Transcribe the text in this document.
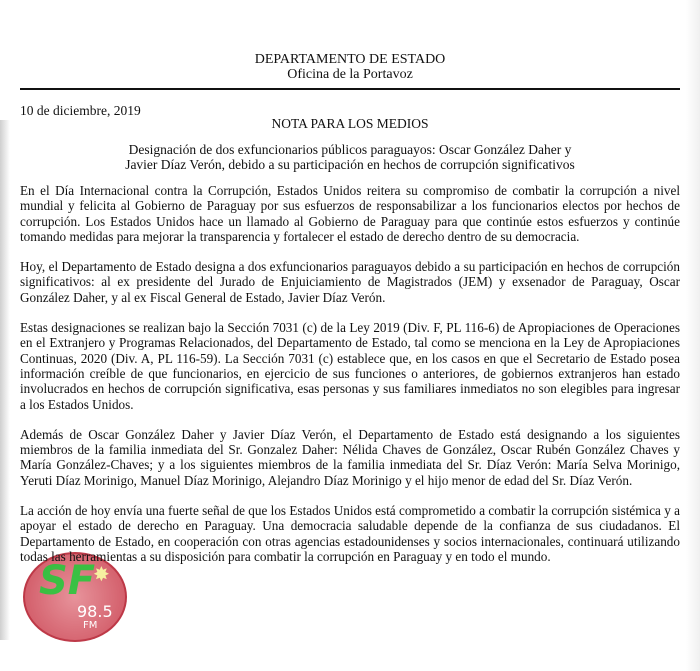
SF
✸
98.5
FM
DEPARTAMENTO DE ESTADO
Oficina de la Portavoz
10 de diciembre, 2019
NOTA PARA LOS MEDIOS
Designación de dos exfuncionarios públicos paraguayos: Oscar González Daher y
Javier Díaz Verón, debido a su participación en hechos de corrupción significativos

En el Día Internacional contra la Corrupción, Estados Unidos reitera su compromiso de combatir la corrupción a nivel mundial y felicita al Gobierno de Paraguay por sus esfuerzos de responsabilizar a los funcionarios electos por hechos de corrupción. Los Estados Unidos hace un llamado al Gobierno de Paraguay para que continúe estos esfuerzos y continúe tomando medidas para mejorar la transparencia y fortalecer el estado de derecho dentro de su democracia.

Hoy, el Departamento de Estado designa a dos exfuncionarios paraguayos debido a su participación en hechos de corrupción significativos: al ex presidente del Jurado de Enjuiciamiento de Magistrados (JEM) y exsenador de Paraguay, Oscar González Daher, y al ex Fiscal General de Estado, Javier Díaz Verón.

Estas designaciones se realizan bajo la Sección 7031 (c) de la Ley 2019 (Div. F, PL 116-6) de Apropiaciones de Operaciones en el Extranjero y Programas Relacionados, del Departamento de Estado, tal como se menciona en la Ley de Apropiaciones Continuas, 2020 (Div. A, PL 116-59). La Sección 7031 (c) establece que, en los casos en que el Secretario de Estado posea información creíble de que funcionarios, en ejercicio de sus funciones o anteriores, de gobiernos extranjeros han estado involucrados en hechos de corrupción significativa, esas personas y sus familiares inmediatos no son elegibles para ingresar a los Estados Unidos.

Además de Oscar González Daher y Javier Díaz Verón, el Departamento de Estado está designando a los siguientes miembros de la familia inmediata del Sr. Gonzalez Daher: Nélida Chaves de González, Oscar Rubén González Chaves y María González-Chaves; y a los siguientes miembros de la familia inmediata del Sr. Díaz Verón: María Selva Morinigo, Yeruti Díaz Morinigo, Manuel Díaz Morinigo, Alejandro Díaz Morinigo y el hijo menor de edad del Sr. Díaz Verón.

La acción de hoy envía una fuerte señal de que los Estados Unidos está comprometido a combatir la corrupción sistémica y a apoyar el estado de derecho en Paraguay. Una democracia saludable depende de la confianza de sus ciudadanos. El Departamento de Estado, en cooperación con otras agencias estadounidenses y socios internacionales, continuará utilizando todas las herramientas a su disposición para combatir la corrupción en Paraguay y en todo el mundo.
